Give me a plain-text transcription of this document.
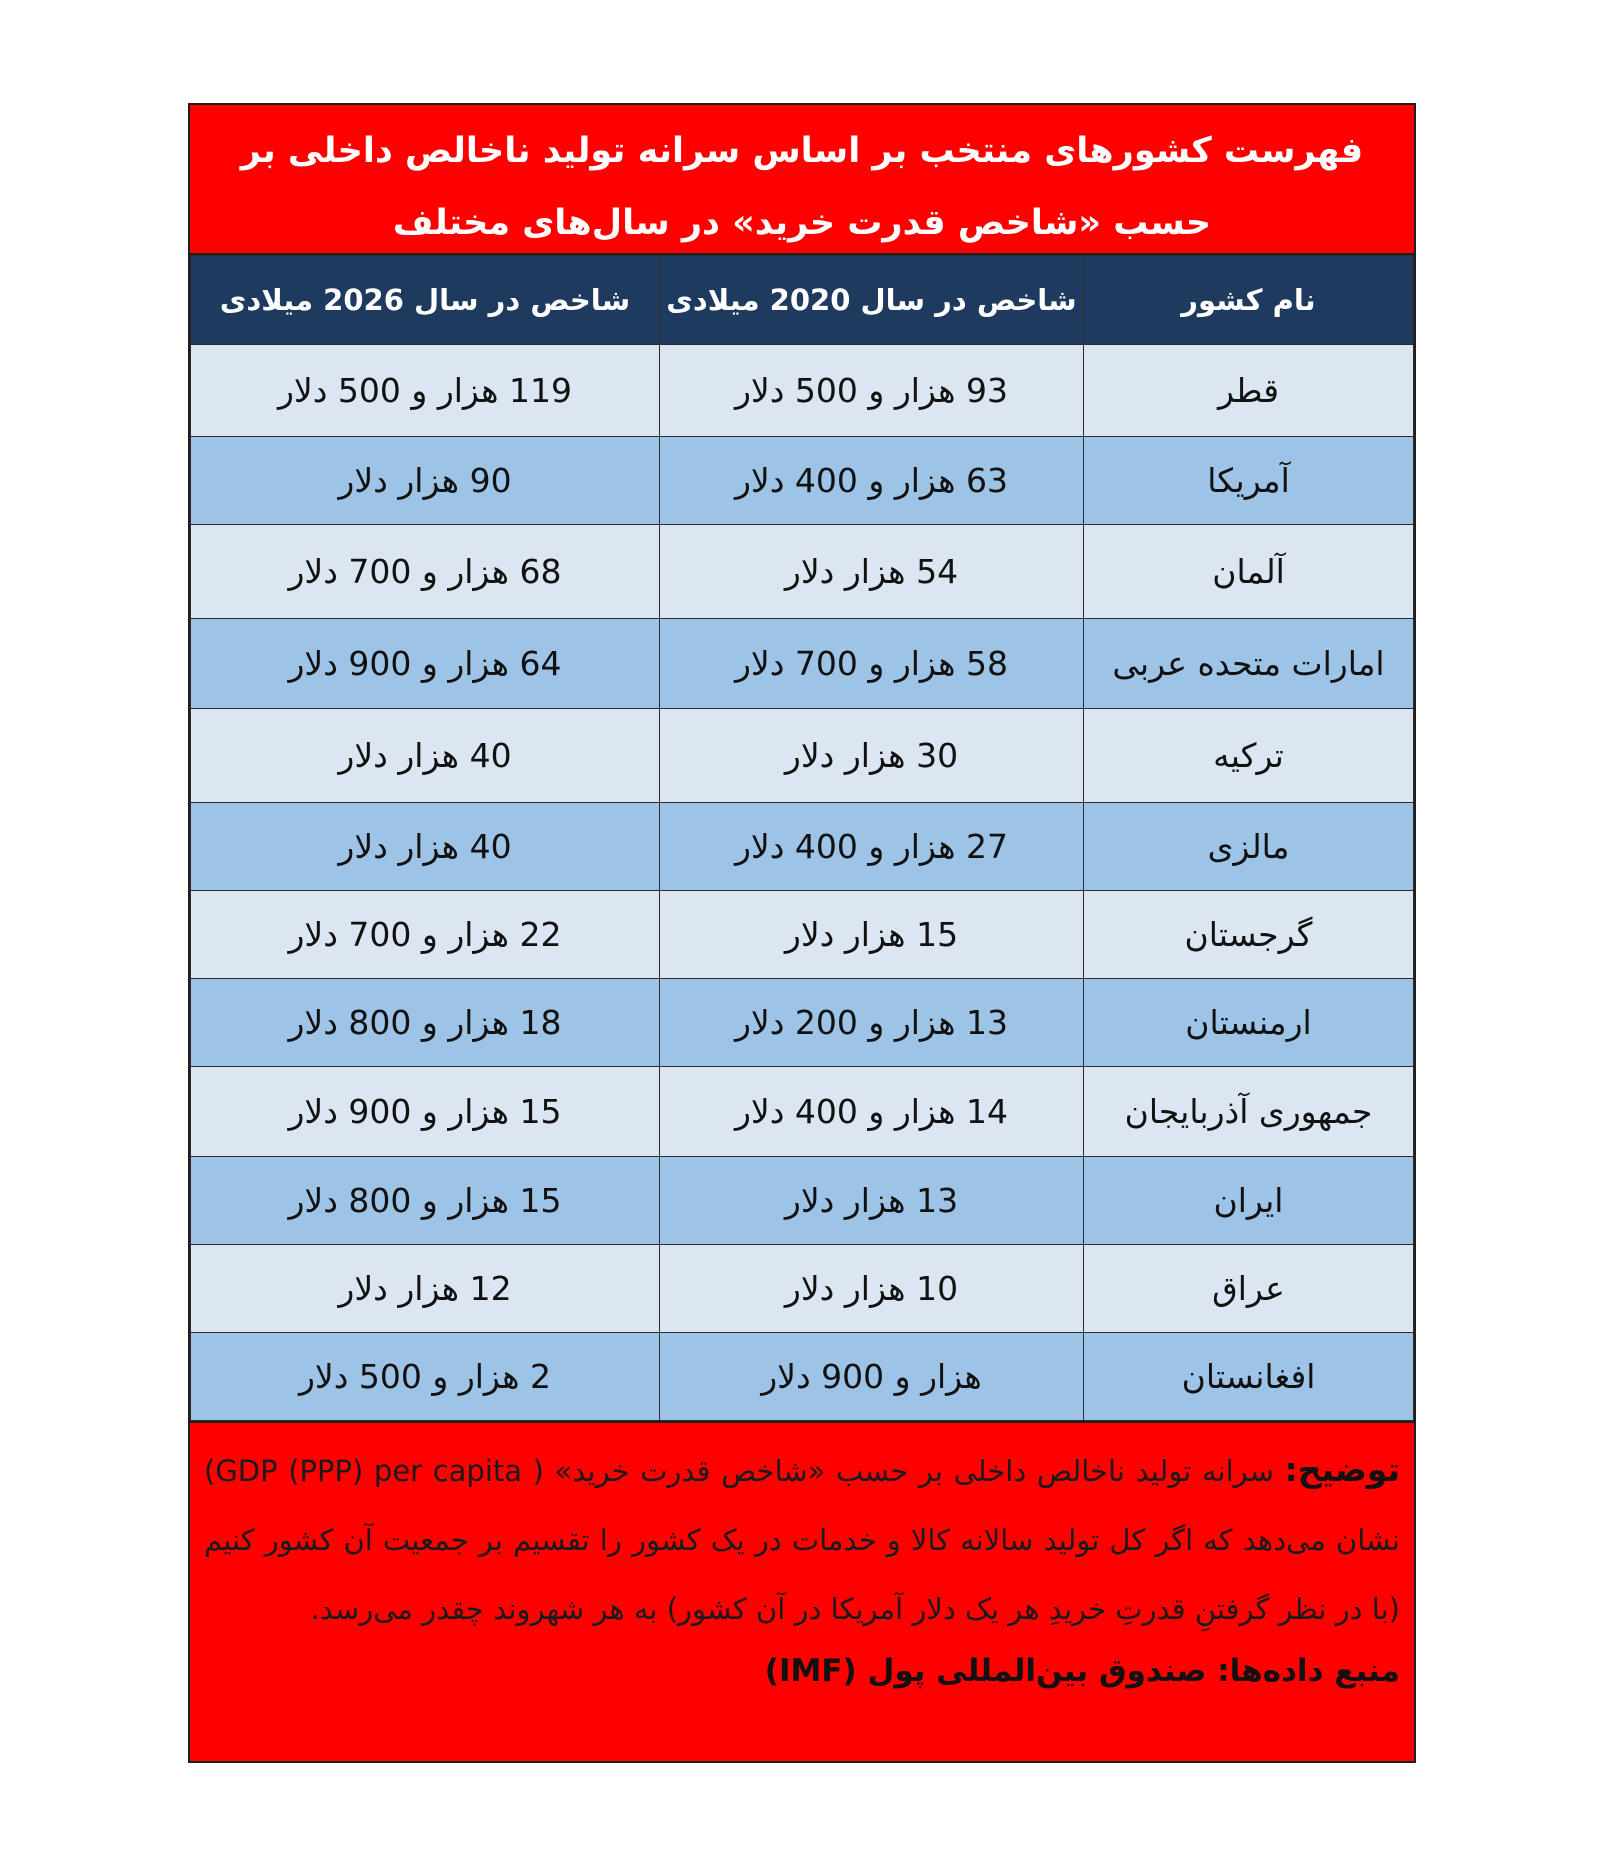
فهرست کشورهای منتخب بر اساس سرانه تولید ناخالص داخلی بر حسب «شاخص قدرت خرید» در سال‌های مختلف
نام کشور	شاخص در سال 2020 میلادی	شاخص در سال 2026 میلادی
قطر	93 هزار و 500 دلار	119 هزار و 500 دلار
آمریکا	63 هزار و 400 دلار	90 هزار دلار
آلمان	54 هزار دلار	68 هزار و 700 دلار
امارات متحده عربی	58 هزار و 700 دلار	64 هزار و 900 دلار
ترکیه	30 هزار دلار	40 هزار دلار
مالزی	27 هزار و 400 دلار	40 هزار دلار
گرجستان	15 هزار دلار	22 هزار و 700 دلار
ارمنستان	13 هزار و 200 دلار	18 هزار و 800 دلار
جمهوری آذربایجان	14 هزار و 400 دلار	15 هزار و 900 دلار
ایران	13 هزار دلار	15 هزار و 800 دلار
عراق	10 هزار دلار	12 هزار دلار
افغانستان	هزار و 900 دلار	2 هزار و 500 دلار
توضیح: سرانه تولید ناخالص داخلی بر حسب «شاخص قدرت خرید» ( GDP (PPP) per capita) نشان می‌دهد که اگر کل تولید سالانه کالا و خدمات در یک کشور را تقسیم بر جمعیت آن کشور کنیم (با در نظر گرفتنِ قدرتِ خریدِ هر یک دلار آمریکا در آن کشور) به هر شهروند چقدر می‌رسد.
منبع داده‌ها: صندوق بین‌المللی پول (IMF)
